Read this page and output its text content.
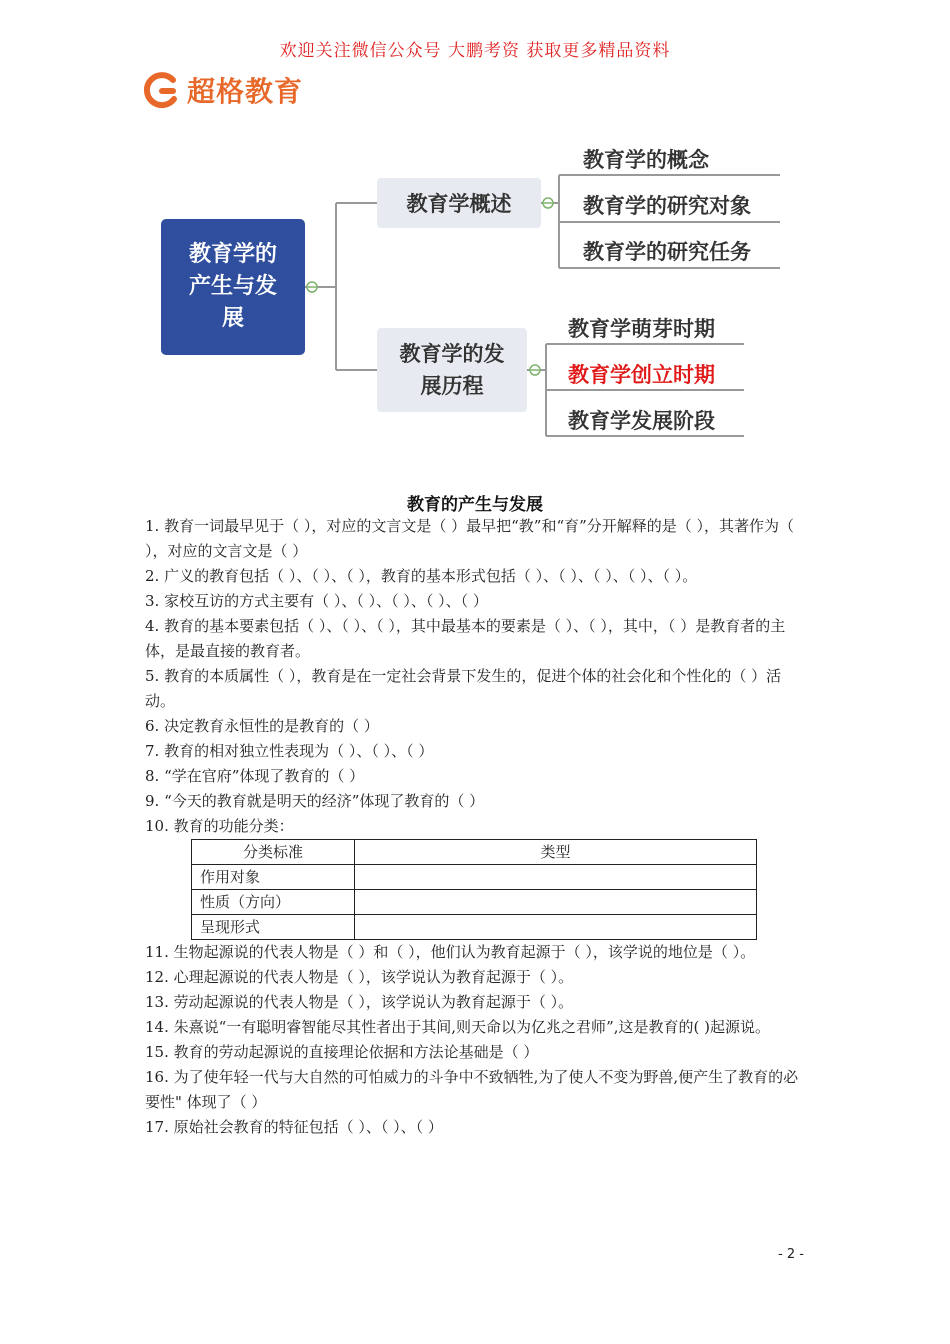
欢迎关注微信公众号 大鹏考资 获取更多精品资料
超格教育
教育学的产生与发展
教育学概述
教育学的发展历程
教育学的概念
教育学的研究对象
教育学的研究任务
教育学萌芽时期
教育学创立时期
教育学发展阶段
教育的产生与发展

1. 教育一词最早见于（ ），对应的文言文是（ ）最早把“教”和“育”分开解释的是（ ），其著作为（ ），对应的文言文是（ ）

2. 广义的教育包括（ ）、（ ）、（ ），教育的基本形式包括（ ）、（ ）、（ ）、（ ）、（ ）。

3. 家校互访的方式主要有（ ）、（ ）、（ ）、（ ）、（ ）

4. 教育的基本要素包括（ ）、（ ）、（ ），其中最基本的要素是（ ）、（ ），其中，（ ）是教育者的主体，是最直接的教育者。

5. 教育的本质属性（ ），教育是在一定社会背景下发生的，促进个体的社会化和个性化的（ ）活动。

6. 决定教育永恒性的是教育的（ ）

7. 教育的相对独立性表现为（ ）、（ ）、（ ）

8. “学在官府”体现了教育的（ ）

9. “今天的教育就是明天的经济”体现了教育的（ ）

10. 教育的功能分类：

分类标准	类型
作用对象	
性质（方向）	
呈现形式	

11. 生物起源说的代表人物是（ ）和（ ），他们认为教育起源于（ ），该学说的地位是（ ）。

12. 心理起源说的代表人物是（ ），该学说认为教育起源于（ ）。

13. 劳动起源说的代表人物是（ ），该学说认为教育起源于（ ）。

14. 朱熹说“一有聪明睿智能尽其性者出于其间,则天命以为亿兆之君师”,这是教育的( )起源说。

15. 教育的劳动起源说的直接理论依据和方法论基础是（ ）

16. 为了使年轻一代与大自然的可怕威力的斗争中不致牺牲,为了使人不变为野兽,便产生了教育的必要性" 体现了（ ）

17. 原始社会教育的特征包括（ ）、（ ）、（ ）

- 2 -
